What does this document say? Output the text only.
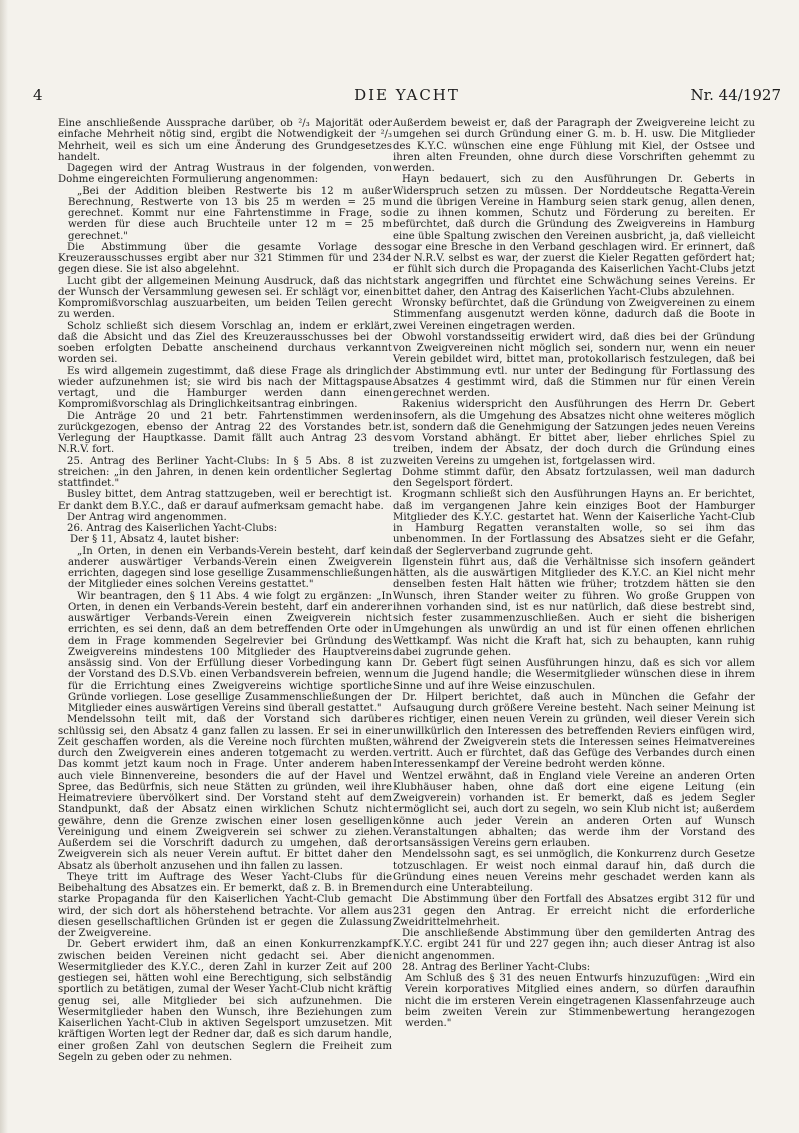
4	DIE YACHT	Nr. 44/1927

Eine anschließende Aussprache darüber, ob ²/₃ Majorität oder einfache Mehrheit nötig sind, ergibt die Notwendigkeit der ²/₃ Mehrheit, weil es sich um eine Änderung des Grundgesetzes handelt.

Dagegen wird der Antrag Wustraus in der folgenden, von Dohme eingereichten Formulierung angenommen:

„Bei der Addition bleiben Restwerte bis 12 m außer Berechnung, Restwerte von 13 bis 25 m werden = 25 m gerechnet. Kommt nur eine Fahrtenstimme in Frage, so werden für diese auch Bruchteile unter 12 m = 25 m gerechnet."

Die Abstimmung über die gesamte Vorlage des Kreuzerausschusses ergibt aber nur 321 Stimmen für und 234 gegen diese. Sie ist also abgelehnt.

Lucht gibt der allgemeinen Meinung Ausdruck, daß das nicht der Wunsch der Versammlung gewesen sei. Er schlägt vor, einen Kompromißvorschlag auszuarbeiten, um beiden Teilen gerecht zu werden.

Scholz schließt sich diesem Vorschlag an, indem er erklärt, daß die Absicht und das Ziel des Kreuzerausschusses bei der soeben erfolgten Debatte anscheinend durchaus verkannt worden sei.

Es wird allgemein zugestimmt, daß diese Frage als dringlich wieder aufzunehmen ist; sie wird bis nach der Mittagspause vertagt, und die Hamburger werden dann einen Kompromißvorschlag als Dringlichkeitsantrag einbringen.

Die Anträge 20 und 21 betr. Fahrtenstimmen werden zurückgezogen, ebenso der Antrag 22 des Vorstandes betr. Verlegung der Hauptkasse. Damit fällt auch Antrag 23 des N.R.V. fort.

25. Antrag des Berliner Yacht-Clubs: In § 5 Abs. 8 ist zu streichen: „in den Jahren, in denen kein ordentlicher Seglertag stattfindet."

Busley bittet, dem Antrag stattzugeben, weil er berechtigt ist. Er dankt dem B.Y.C., daß er darauf aufmerksam gemacht habe.

Der Antrag wird angenommen.

26. Antrag des Kaiserlichen Yacht-Clubs:

Der § 11, Absatz 4, lautet bisher:

„In Orten, in denen ein Verbands-Verein besteht, darf kein anderer auswärtiger Verbands-Verein einen Zweigverein errichten, dagegen sind lose gesellige Zusammenschließungen der Mitglieder eines solchen Vereins gestattet."

Wir beantragen, den § 11 Abs. 4 wie folgt zu ergänzen: „In Orten, in denen ein Verbands-Verein besteht, darf ein anderer auswärtiger Verbands-Verein einen Zweigverein nicht errichten, es sei denn, daß an dem betreffenden Orte oder in dem in Frage kommenden Segelrevier bei Gründung des Zweigvereins mindestens 100 Mitglieder des Hauptvereins ansässig sind. Von der Erfüllung dieser Vorbedingung kann der Vorstand des D.S.Vb. einen Verbandsverein befreien, wenn für die Errichtung eines Zweigvereins wichtige sportliche Gründe vorliegen. Lose gesellige Zusammenschließungen der Mitglieder eines auswärtigen Vereins sind überall gestattet."

Mendelssohn teilt mit, daß der Vorstand sich darüber schlüssig sei, den Absatz 4 ganz fallen zu lassen. Er sei in einer Zeit geschaffen worden, als die Vereine noch fürchten mußten, durch den Zweigverein eines anderen totgemacht zu werden. Das kommt jetzt kaum noch in Frage. Unter anderem haben auch viele Binnenvereine, besonders die auf der Havel und Spree, das Bedürfnis, sich neue Stätten zu gründen, weil ihre Heimatreviere übervölkert sind. Der Vorstand steht auf dem Standpunkt, daß der Absatz einen wirklichen Schutz nicht gewähre, denn die Grenze zwischen einer losen geselligen Vereinigung und einem Zweigverein sei schwer zu ziehen. Außerdem sei die Vorschrift dadurch zu umgehen, daß der Zweigverein sich als neuer Verein auftut. Er bittet daher den Absatz als überholt anzusehen und ihn fallen zu lassen.

Theye tritt im Auftrage des Weser Yacht-Clubs für die Beibehaltung des Absatzes ein. Er bemerkt, daß z. B. in Bremen starke Propaganda für den Kaiserlichen Yacht-Club gemacht wird, der sich dort als höherstehend betrachte. Vor allem aus diesen gesellschaftlichen Gründen ist er gegen die Zulassung der Zweigvereine.

Dr. Gebert erwidert ihm, daß an einen Konkurrenzkampf zwischen beiden Vereinen nicht gedacht sei. Aber die Wesermitglieder des K.Y.C., deren Zahl in kurzer Zeit auf 200 gestiegen sei, hätten wohl eine Berechtigung, sich selbständig sportlich zu betätigen, zumal der Weser Yacht-Club nicht kräftig genug sei, alle Mitglieder bei sich aufzunehmen. Die Wesermitglieder haben den Wunsch, ihre Beziehungen zum Kaiserlichen Yacht-Club in aktiven Segelsport umzusetzen. Mit kräftigen Worten legt der Redner dar, daß es sich darum handle, einer großen Zahl von deutschen Seglern die Freiheit zum Segeln zu geben oder zu nehmen.

Außerdem beweist er, daß der Paragraph der Zweigvereine leicht zu umgehen sei durch Gründung einer G. m. b. H. usw. Die Mitglieder des K.Y.C. wünschen eine enge Fühlung mit Kiel, der Ostsee und ihren alten Freunden, ohne durch diese Vorschriften gehemmt zu werden.

Hayn bedauert, sich zu den Ausführungen Dr. Geberts in Widerspruch setzen zu müssen. Der Norddeutsche Regatta-Verein und die übrigen Vereine in Hamburg seien stark genug, allen denen, die zu ihnen kommen, Schutz und Förderung zu bereiten. Er befürchtet, daß durch die Gründung des Zweigvereins in Hamburg eine üble Spaltung zwischen den Vereinen ausbricht, ja, daß vielleicht sogar eine Bresche in den Verband geschlagen wird. Er erinnert, daß der N.R.V. selbst es war, der zuerst die Kieler Regatten gefördert hat; er fühlt sich durch die Propaganda des Kaiserlichen Yacht-Clubs jetzt stark angegriffen und fürchtet eine Schwächung seines Vereins. Er bittet daher, den Antrag des Kaiserlichen Yacht-Clubs abzulehnen.

Wronsky befürchtet, daß die Gründung von Zweigvereinen zu einem Stimmenfang ausgenutzt werden könne, dadurch daß die Boote in zwei Vereinen eingetragen werden.

Obwohl vorstandsseitig erwidert wird, daß dies bei der Gründung von Zweigvereinen nicht möglich sei, sondern nur, wenn ein neuer Verein gebildet wird, bittet man, protokollarisch festzulegen, daß bei der Abstimmung evtl. nur unter der Bedingung für Fortlassung des Absatzes 4 gestimmt wird, daß die Stimmen nur für einen Verein gerechnet werden.

Rakenius widerspricht den Ausführungen des Herrn Dr. Gebert insofern, als die Umgehung des Absatzes nicht ohne weiteres möglich ist, sondern daß die Genehmigung der Satzungen jedes neuen Vereins vom Vorstand abhängt. Er bittet aber, lieber ehrliches Spiel zu treiben, indem der Absatz, der doch durch die Gründung eines zweiten Vereins zu umgehen ist, fortgelassen wird.

Dohme stimmt dafür, den Absatz fortzulassen, weil man dadurch den Segelsport fördert.

Krogmann schließt sich den Ausführungen Hayns an. Er berichtet, daß im vergangenen Jahre kein einziges Boot der Hamburger Mitglieder des K.Y.C. gestartet hat. Wenn der Kaiserliche Yacht-Club in Hamburg Regatten veranstalten wolle, so sei ihm das unbenommen. In der Fortlassung des Absatzes sieht er die Gefahr, daß der Seglerverband zugrunde geht.

Ilgenstein führt aus, daß die Verhältnisse sich insofern geändert hätten, als die auswärtigen Mitglieder des K.Y.C. an Kiel nicht mehr denselben festen Halt hätten wie früher; trotzdem hätten sie den Wunsch, ihren Stander weiter zu führen. Wo große Gruppen von ihnen vorhanden sind, ist es nur natürlich, daß diese bestrebt sind, sich fester zusammenzuschließen. Auch er sieht die bisherigen Umgehungen als unwürdig an und ist für einen offenen ehrlichen Wettkampf. Was nicht die Kraft hat, sich zu behaupten, kann ruhig dabei zugrunde gehen.

Dr. Gebert fügt seinen Ausführungen hinzu, daß es sich vor allem um die Jugend handle; die Wesermitglieder wünschen diese in ihrem Sinne und auf ihre Weise einzuschulen.

Dr. Hilpert berichtet, daß auch in München die Gefahr der Aufsaugung durch größere Vereine besteht. Nach seiner Meinung ist es richtiger, einen neuen Verein zu gründen, weil dieser Verein sich unwillkürlich den Interessen des betreffenden Reviers einfügen wird, während der Zweigverein stets die Interessen seines Heimatvereines vertritt. Auch er fürchtet, daß das Gefüge des Verbandes durch einen Interessenkampf der Vereine bedroht werden könne.

Wentzel erwähnt, daß in England viele Vereine an anderen Orten Klubhäuser haben, ohne daß dort eine eigene Leitung (ein Zweigverein) vorhanden ist. Er bemerkt, daß es jedem Segler ermöglicht sei, auch dort zu segeln, wo sein Klub nicht ist; außerdem könne auch jeder Verein an anderen Orten auf Wunsch Veranstaltungen abhalten; das werde ihm der Vorstand des ortsansässigen Vereins gern erlauben.

Mendelssohn sagt, es sei unmöglich, die Konkurrenz durch Gesetze totzuschlagen. Er weist noch einmal darauf hin, daß durch die Gründung eines neuen Vereins mehr geschadet werden kann als durch eine Unterabteilung.

Die Abstimmung über den Fortfall des Absatzes ergibt 312 für und 231 gegen den Antrag. Er erreicht nicht die erforderliche Zweidrittelmehrheit.

Die anschließende Abstimmung über den gemilderten Antrag des K.Y.C. ergibt 241 für und 227 gegen ihn; auch dieser Antrag ist also nicht angenommen.

28. Antrag des Berliner Yacht-Clubs:

Am Schluß des § 31 des neuen Entwurfs hinzuzufügen: „Wird ein Verein korporatives Mitglied eines andern, so dürfen daraufhin nicht die im ersteren Verein eingetragenen Klassenfahrzeuge auch beim zweiten Verein zur Stimmenbewertung herangezogen werden."
